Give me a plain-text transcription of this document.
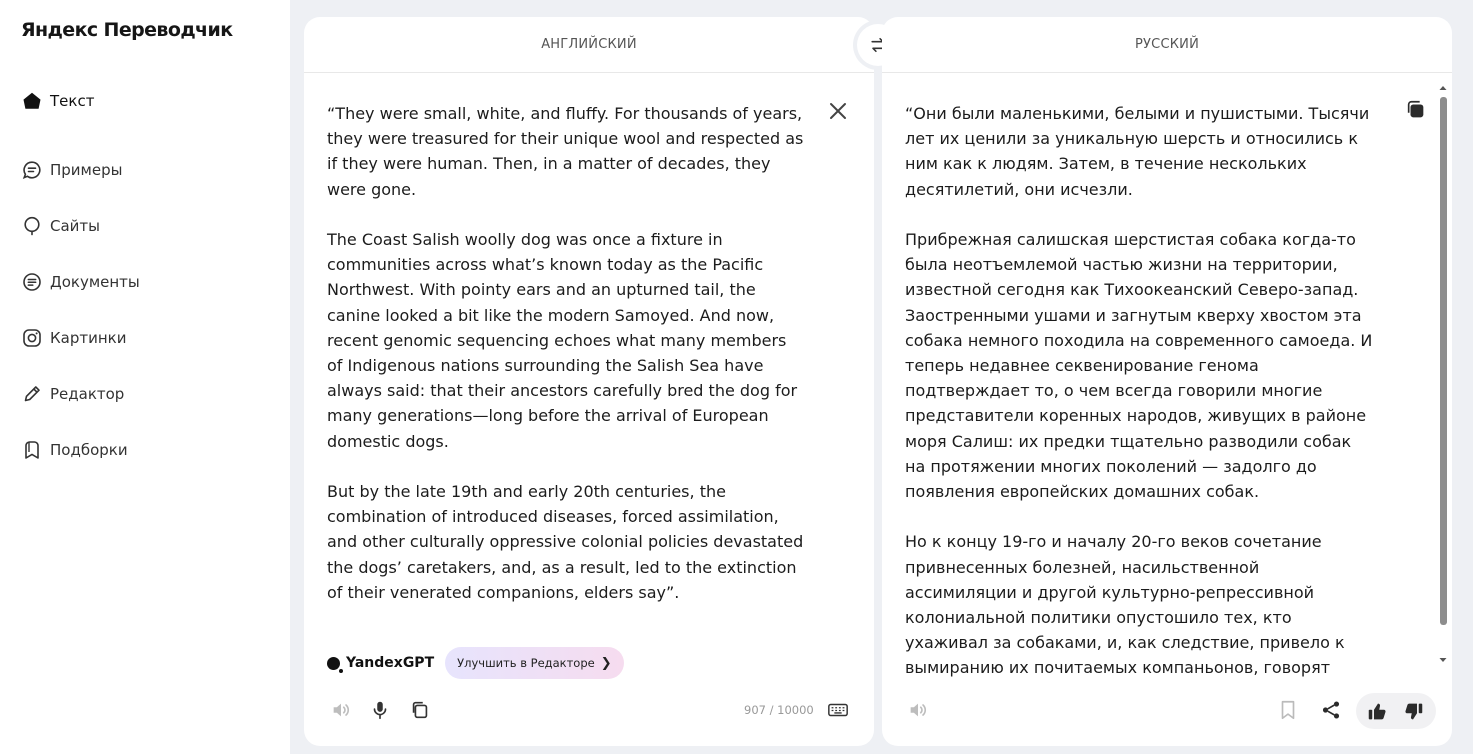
Яндекс Переводчик
Текст
Примеры
Сайты
Документы
Картинки
Редактор
Подборки
АНГЛИЙСКИЙ

“They were small, white, and fluffy. For thousands of years, they were treasured for their unique wool and respected as if they were human. Then, in a matter of decades, they were gone.

The Coast Salish woolly dog was once a fixture in communities across what’s known today as the Pacific Northwest. With pointy ears and an upturned tail, the canine looked a bit like the modern Samoyed. And now, recent genomic sequencing echoes what many members of Indigenous nations surrounding the Salish Sea have always said: that their ancestors carefully bred the dog for many generations—long before the arrival of European domestic dogs.

But by the late 19th and early 20th centuries, the combination of introduced diseases, forced assimilation, and other culturally oppressive colonial policies devastated the dogs’ caretakers, and, as a result, led to the extinction of their venerated companions, elders say”.

YandexGPT Улучшить в Редакторе ❯
907 / 10000
РУССКИЙ

“Они были маленькими, белыми и пушистыми. Тысячи лет их ценили за уникальную шерсть и относились к ним как к людям. Затем, в течение нескольких десятилетий, они исчезли.

Прибрежная салишская шерстистая собака когда-то была неотъемлемой частью жизни на территории, известной сегодня как Тихоокеанский Северо-запад. Заостренными ушами и загнутым кверху хвостом эта собака немного походила на современного самоеда. И теперь недавнее секвенирование генома подтверждает то, о чем всегда говорили многие представители коренных народов, живущих в районе моря Салиш: их предки тщательно разводили собак на протяжении многих поколений — задолго до появления европейских домашних собак.

Но к концу 19-го и началу 20-го веков сочетание привнесенных болезней, насильственной ассимиляции и другой культурно-репрессивной колониальной политики опустошило тех, кто ухаживал за собаками, и, как следствие, привело к вымиранию их почитаемых компаньонов, говорят
